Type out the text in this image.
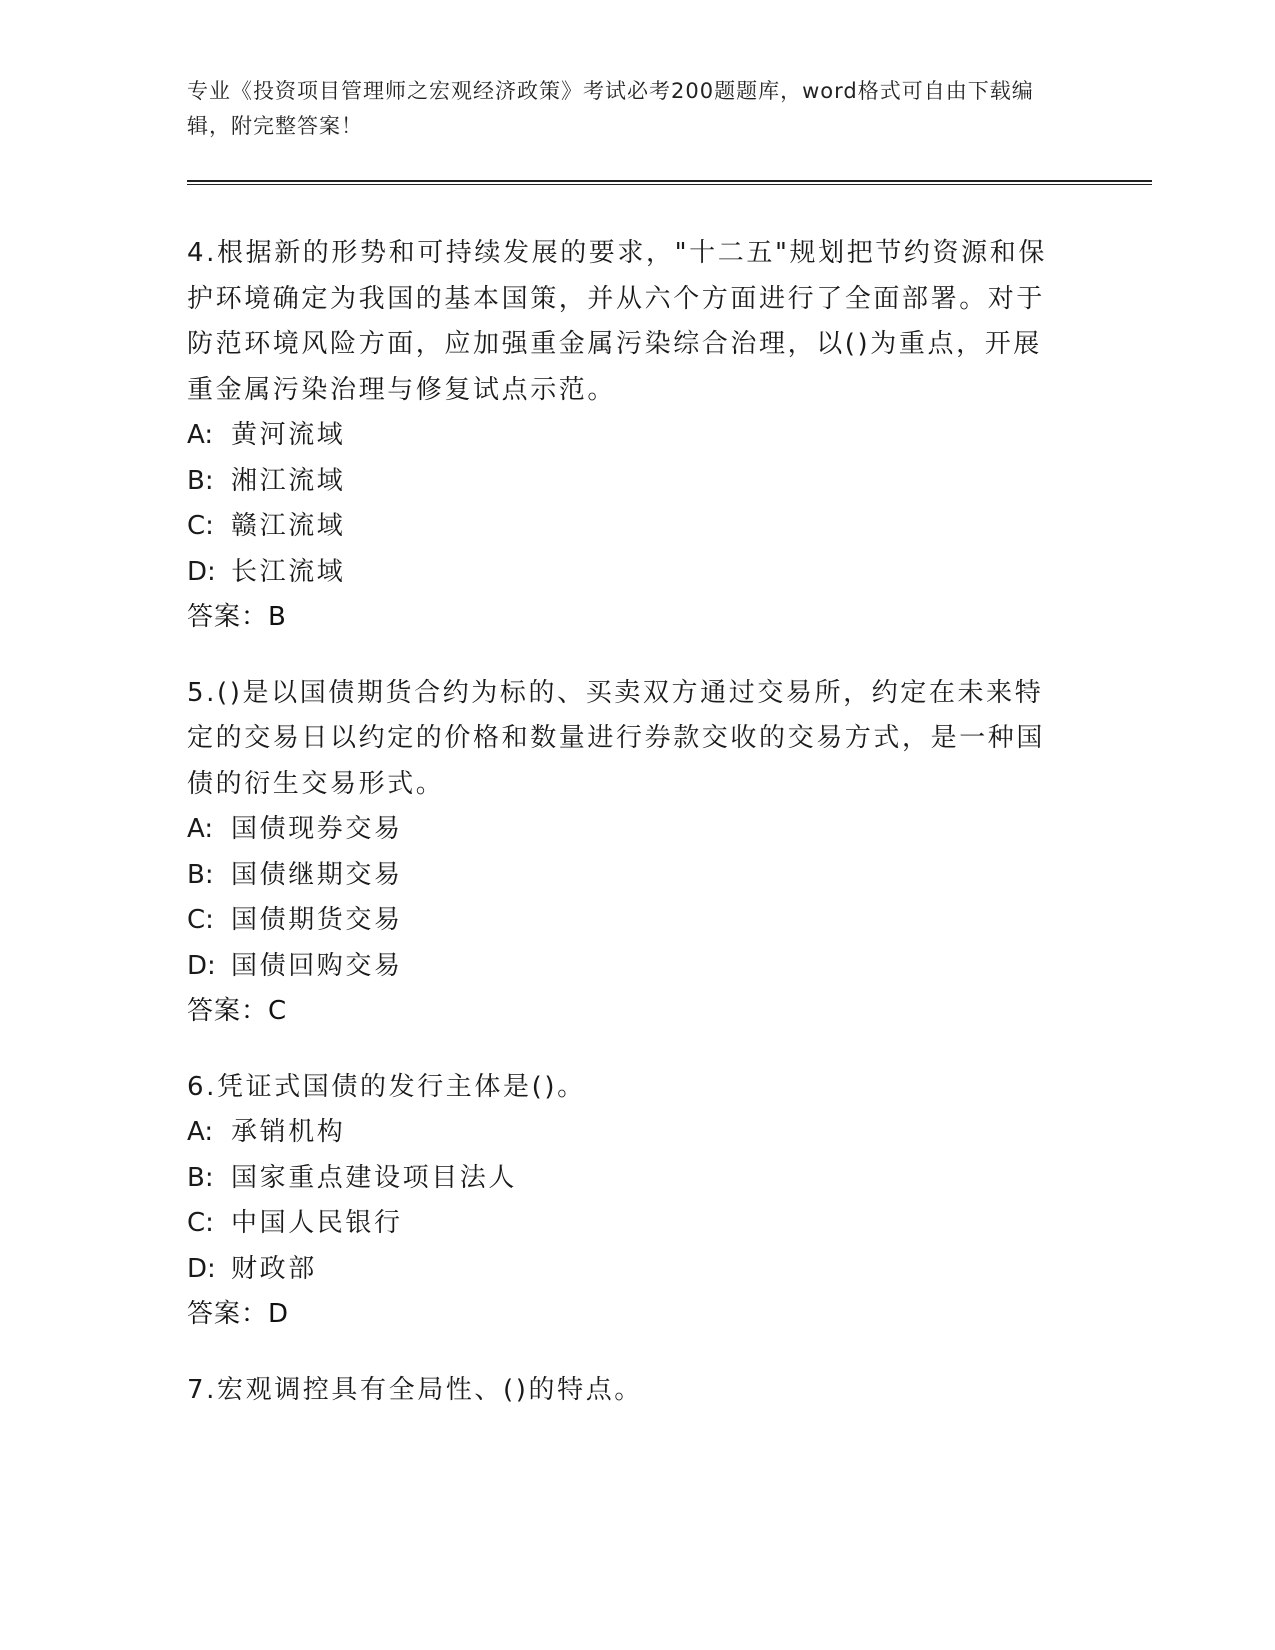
专业《投资项目管理师之宏观经济政策》考试必考200题题库，word格式可自由下载编辑，附完整答案！
4.根据新的形势和可持续发展的要求，"十二五"规划把节约资源和保护环境确定为我国的基本国策，并从六个方面进行了全面部署。对于防范环境风险方面，应加强重金属污染综合治理，以()为重点，开展重金属污染治理与修复试点示范。
A: 黄河流域
B: 湘江流域
C: 赣江流域
D: 长江流域
答案：B
5.()是以国债期货合约为标的、买卖双方通过交易所，约定在未来特定的交易日以约定的价格和数量进行券款交收的交易方式，是一种国债的衍生交易形式。
A: 国债现券交易
B: 国债继期交易
C: 国债期货交易
D: 国债回购交易
答案：C
6.凭证式国债的发行主体是()。
A: 承销机构
B: 国家重点建设项目法人
C: 中国人民银行
D: 财政部
答案：D
7.宏观调控具有全局性、()的特点。
